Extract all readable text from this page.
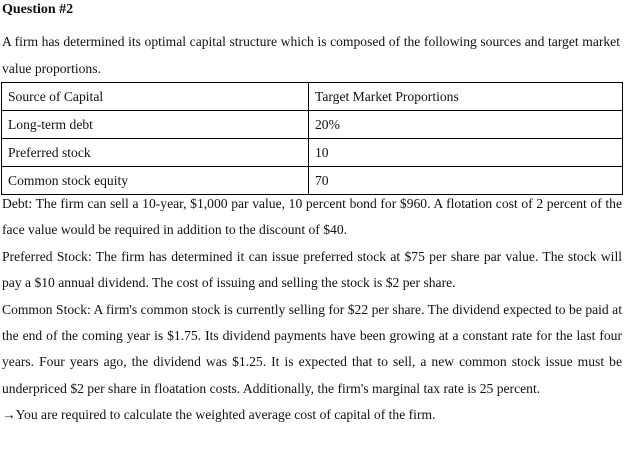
Question #2
A firm has determined its optimal capital structure which is composed of the following sources and target market value proportions.
Source of Capital	Target Market Proportions
Long-term debt	20%
Preferred stock	10
Common stock equity	70

Debt: The firm can sell a 10-year, $1,000 par value, 10 percent bond for $960. A flotation cost of 2 percent of the face value would be required in addition to the discount of $40.

Preferred Stock: The firm has determined it can issue preferred stock at $75 per share par value. The stock will pay a $10 annual dividend. The cost of issuing and selling the stock is $2 per share.

Common Stock: A firm's common stock is currently selling for $22 per share. The dividend expected to be paid at the end of the coming year is $1.75. Its dividend payments have been growing at a constant rate for the last four years. Four years ago, the dividend was $1.25. It is expected that to sell, a new common stock issue must be underpriced $2 per share in floatation costs. Additionally, the firm's marginal tax rate is 25 percent.

→You are required to calculate the weighted average cost of capital of the firm.
